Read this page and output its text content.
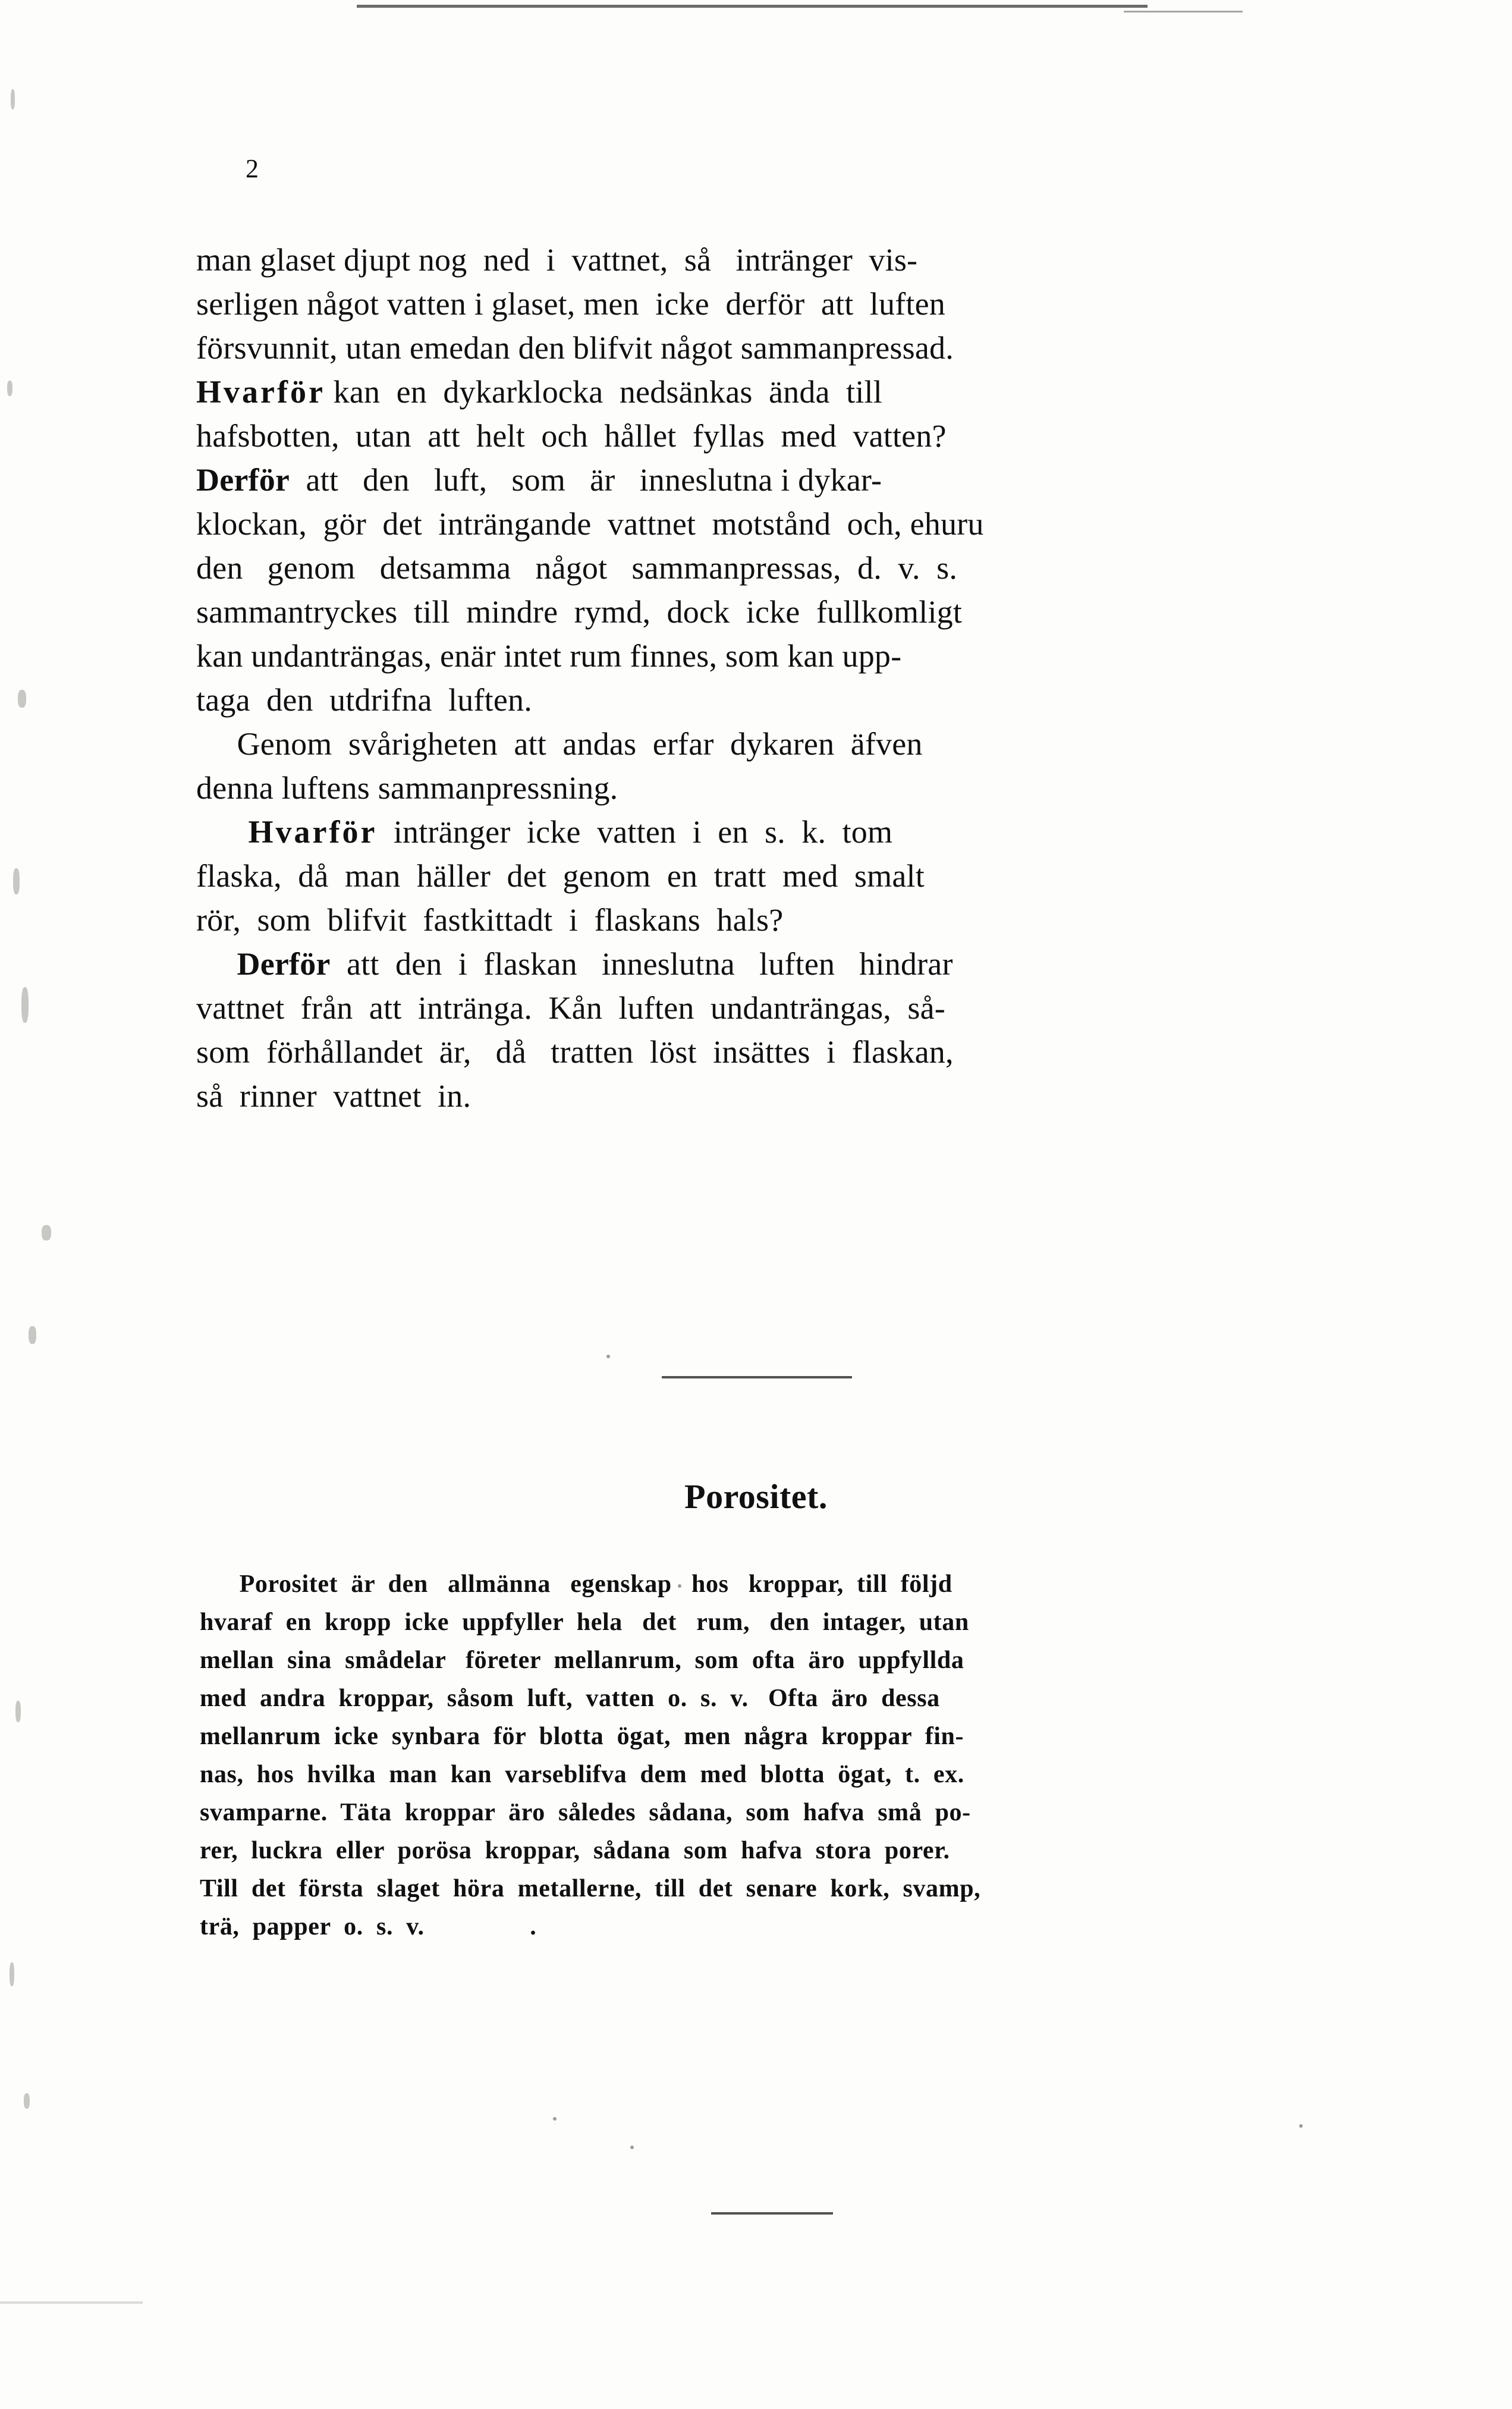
2
man glaset djupt nog  ned  i  vattnet,  så   intränger  vis-
serligen något vatten i glaset, men  icke  derför  att  luften
försvunnit, utan emedan den blifvit något sammanpressad.
Hvarför kan  en  dykarklocka  nedsänkas  ända  till
hafsbotten,  utan  att  helt  och  hållet  fyllas  med  vatten?
Derför  att   den   luft,   som   är   inneslutna i dykar-
klockan,  gör  det  inträngande  vattnet  motstånd  och, ehuru
den   genom   detsamma   något   sammanpressas,  d.  v.  s.
sammantryckes  till  mindre  rymd,  dock  icke  fullkomligt
kan undanträngas, enär intet rum finnes, som kan upp-
taga  den  utdrifna  luften.
Genom  svårigheten  att  andas  erfar  dykaren  äfven
denna luftens sammanpressning.
Hvarför  intränger  icke  vatten  i  en  s.  k.  tom
flaska,  då  man  häller  det  genom  en  tratt  med  smalt
rör,  som  blifvit  fastkittadt  i  flaskans  hals?
Derför  att  den  i  flaskan   inneslutna   luften   hindrar
vattnet  från  att  intränga.  Kån  luften  undanträngas,  så-
som  förhållandet  är,   då   tratten  löst  insättes  i  flaskan,
så  rinner  vattnet  in.
Porositet.
Porositet  är  den   allmänna   egenskap   hos   kroppar,  till  följd
hvaraf  en  kropp  icke  uppfyller  hela   det   rum,   den  intager,  utan
mellan  sina  smådelar   företer  mellanrum,  som  ofta  äro  uppfyllda
med  andra  kroppar,  såsom  luft,  vatten  o.  s.  v.   Ofta  äro  dessa
mellanrum  icke  synbara  för  blotta  ögat,  men  några  kroppar  fin-
nas,  hos  hvilka  man  kan  varseblifva  dem  med  blotta  ögat,  t.  ex.
svamparne.  Täta  kroppar  äro  således  sådana,  som  hafva  små  po-
rer,  luckra  eller  porösa  kroppar,  sådana  som  hafva  stora  porer.
Till  det  första  slaget  höra  metallerne,  till  det  senare  kork,  svamp,
trä,  papper  o.  s.  v.                .
